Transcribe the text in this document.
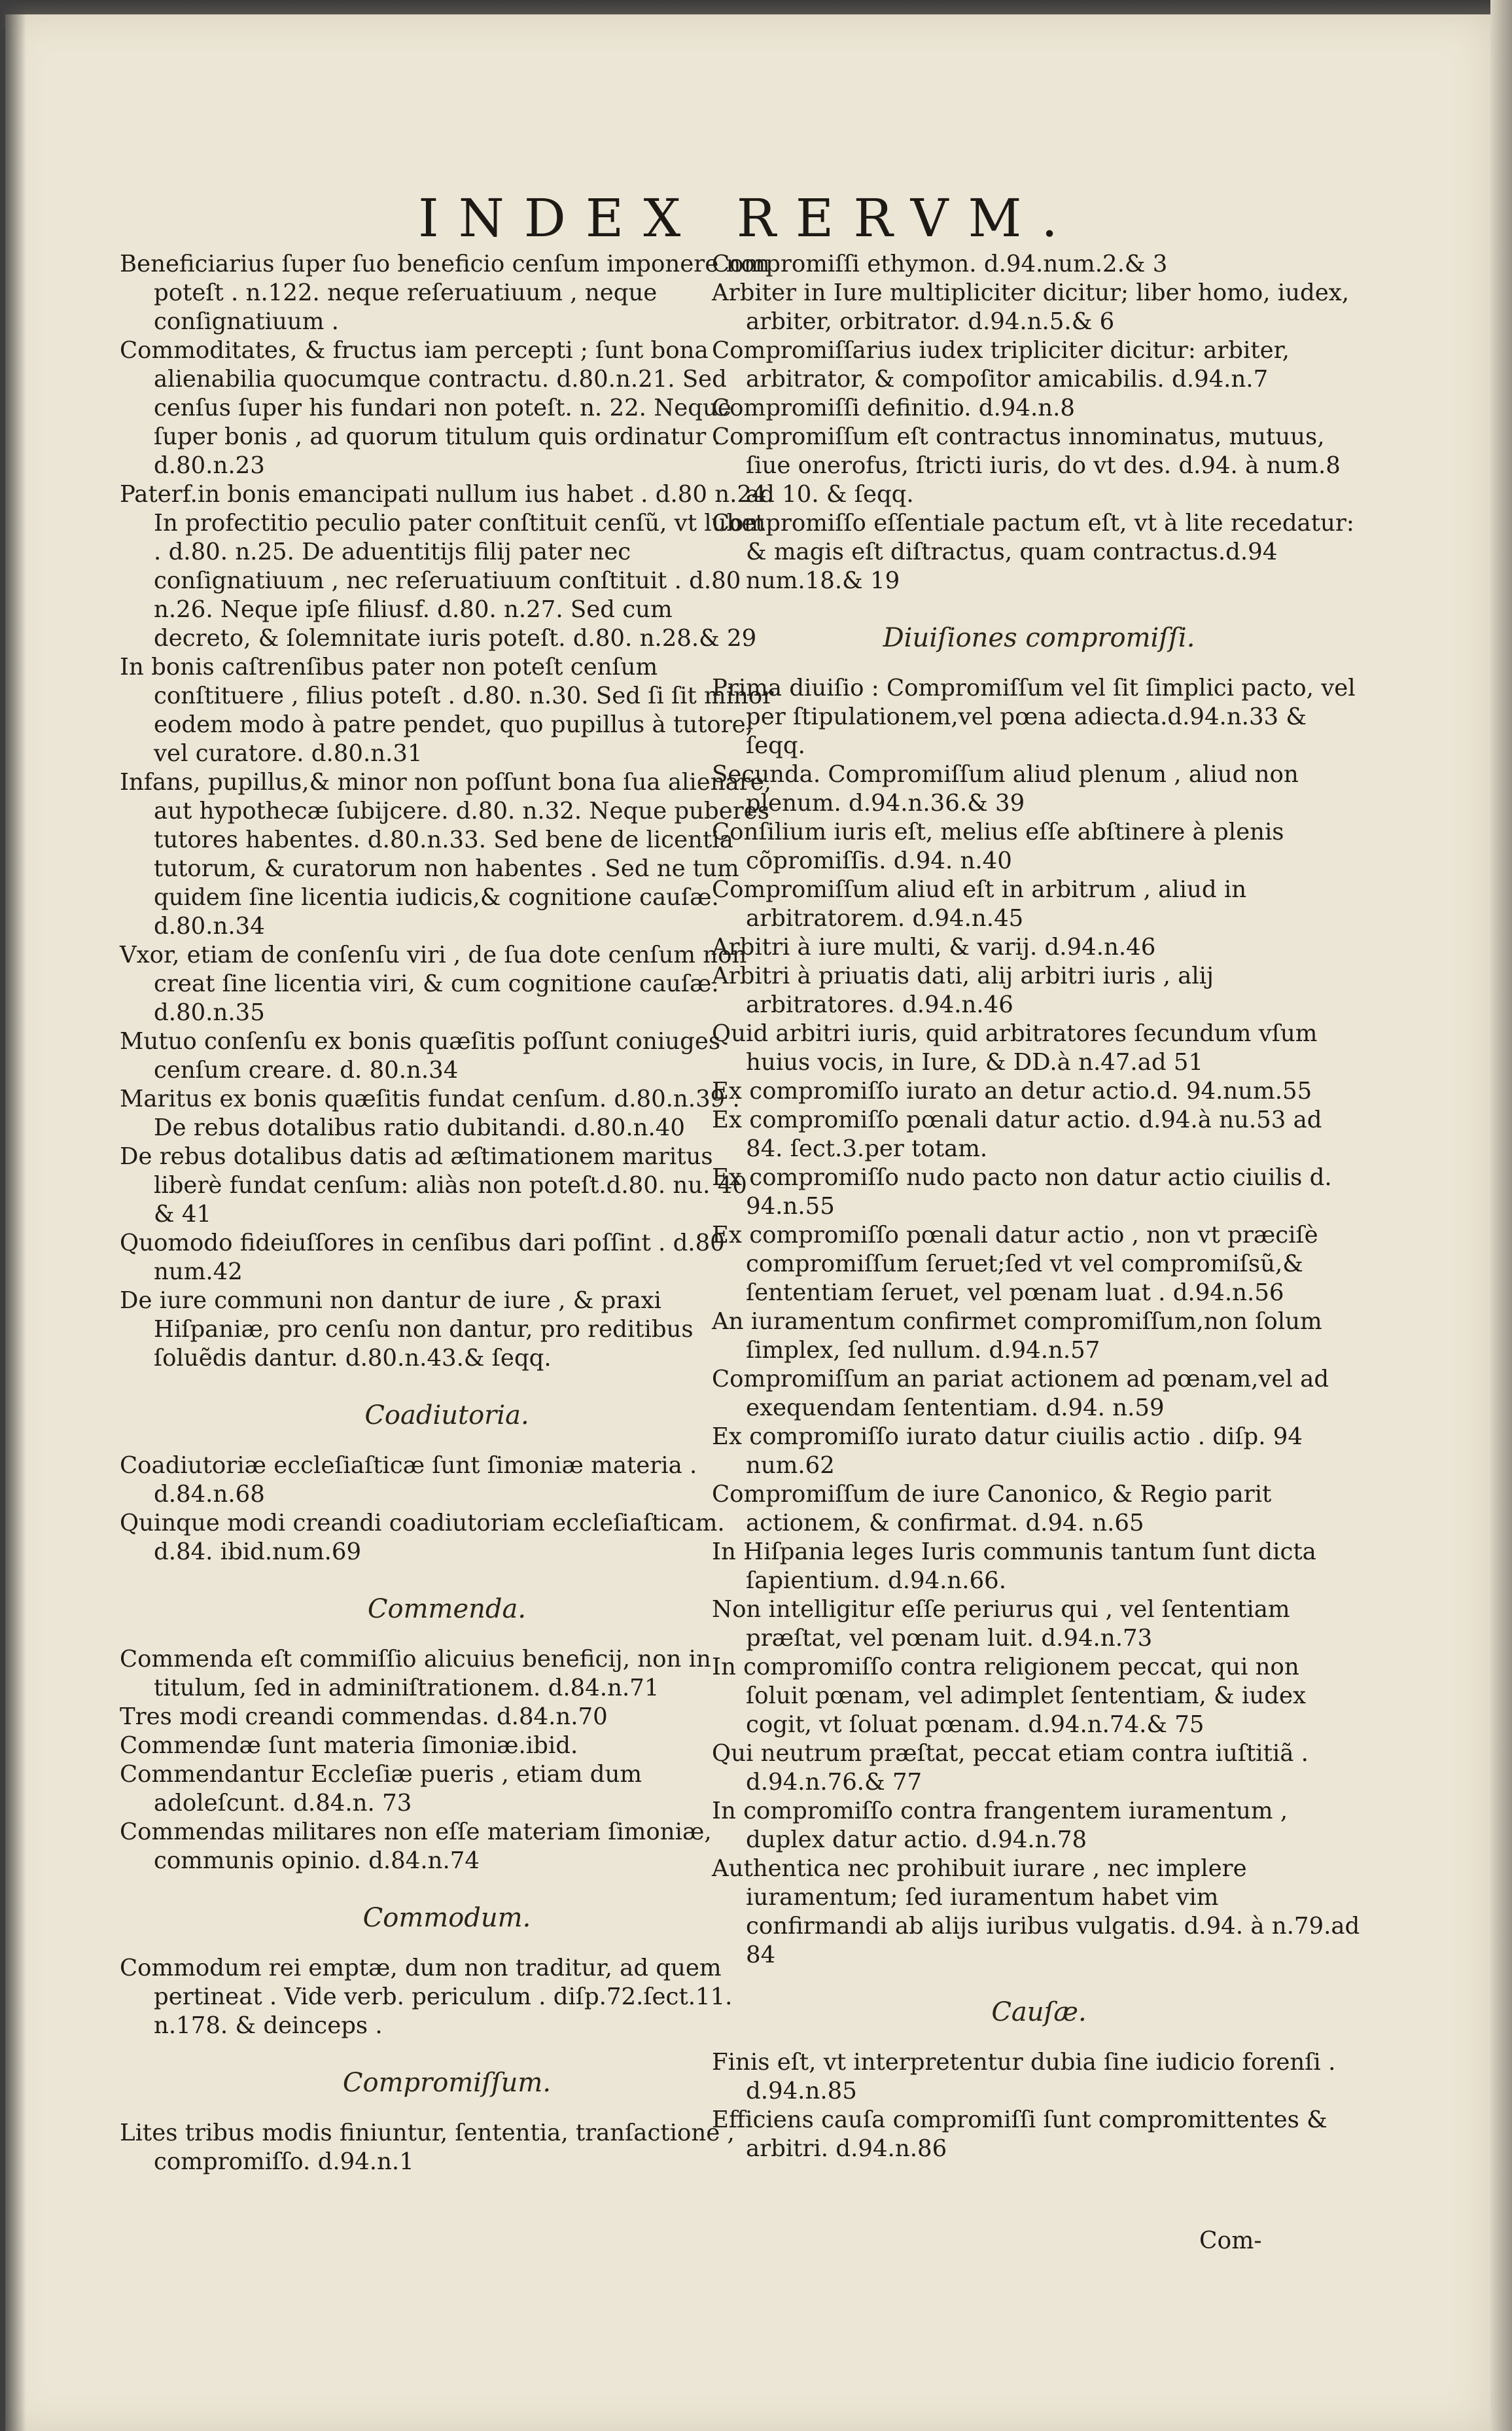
INDEX RERVM.
Beneficiarius ſuper ſuo beneficio cenſum imponere non poteſt . n.122. neque reſeruatiuum , neque conſignatiuum .
Commoditates, & fructus iam percepti ; ſunt bona alienabilia quocumque contractu. d.80.n.21. Sed cenſus ſuper his fundari non poteſt. n. 22. Neque ſuper bonis , ad quorum titulum quis ordinatur . d.80.n.23
Paterf.in bonis emancipati nullum ius habet . d.80 n.24. In profectitio peculio pater conſtituit cenſũ, vt lubet . d.80. n.25. De aduentitijs filij pater nec conſignatiuum , nec reſeruatiuum conſtituit . d.80 n.26. Neque ipſe filiusf. d.80. n.27. Sed cum decreto, & ſolemnitate iuris poteſt. d.80. n.28.& 29
In bonis caſtrenſibus pater non poteſt cenſum conſtituere , filius poteſt . d.80. n.30. Sed ſi ſit minor eodem modo à patre pendet, quo pupillus à tutore, vel curatore. d.80.n.31
Infans, pupillus,& minor non poſſunt bona ſua alienare, aut hypothecæ ſubijcere. d.80. n.32. Neque puberes tutores habentes. d.80.n.33. Sed bene de licentia tutorum, & curatorum non habentes . Sed ne tum quidem ſine licentia iudicis,& cognitione cauſæ. d.80.n.34
Vxor, etiam de conſenſu viri , de ſua dote cenſum non creat ſine licentia viri, & cum cognitione cauſæ. d.80.n.35
Mutuo conſenſu ex bonis quæſitis poſſunt coniuges cenſum creare. d. 80.n.34
Maritus ex bonis quæſitis fundat cenſum. d.80.n.39 . De rebus dotalibus ratio dubitandi. d.80.n.40
De rebus dotalibus datis ad æſtimationem maritus liberè fundat cenſum: aliàs non poteſt.d.80. nu. 40 & 41
Quomodo fideiuſſores in cenſibus dari poſſint . d.80 num.42
De iure communi non dantur de iure , & praxi Hiſpaniæ, pro cenſu non dantur, pro reditibus ſoluẽdis dantur. d.80.n.43.& ſeqq.
Coadiutoria.
Coadiutoriæ eccleſiaſticæ ſunt ſimoniæ materia . d.84.n.68
Quinque modi creandi coadiutoriam eccleſiaſticam. d.84. ibid.num.69
Commenda.
Commenda eſt commiſſio alicuius beneficij, non in titulum, ſed in adminiſtrationem. d.84.n.71
Tres modi creandi commendas. d.84.n.70
Commendæ ſunt materia ſimoniæ.ibid.
Commendantur Eccleſiæ pueris , etiam dum adoleſcunt. d.84.n. 73
Commendas militares non eſſe materiam ſimoniæ, communis opinio. d.84.n.74
Commodum.
Commodum rei emptæ, dum non traditur, ad quem pertineat . Vide verb. periculum . diſp.72.ſect.11. n.178. & deinceps .
Compromiſſum.
Lites tribus modis finiuntur, ſententia, tranſactione , compromiſſo. d.94.n.1
Compromiſſi ethymon. d.94.num.2.& 3
Arbiter in Iure multipliciter dicitur; liber homo, iudex, arbiter, orbitrator. d.94.n.5.& 6
Compromiſſarius iudex tripliciter dicitur: arbiter, arbitrator, & compoſitor amicabilis. d.94.n.7
Compromiſſi definitio. d.94.n.8
Compromiſſum eſt contractus innominatus, mutuus, ſiue onerofus, ſtricti iuris, do vt des. d.94. à num.8 ad 10. & ſeqq.
Compromiſſo eſſentiale pactum eſt, vt à lite recedatur: & magis eſt diſtractus, quam contractus.d.94 num.18.& 19
Diuiſiones compromiſſi.
Prima diuiſio : Compromiſſum vel ſit ſimplici pacto, vel per ſtipulationem,vel pœna adiecta.d.94.n.33 & ſeqq.
Secunda. Compromiſſum aliud plenum , aliud non plenum. d.94.n.36.& 39
Conſilium iuris eſt, melius eſſe abſtinere à plenis cõpromiſſis. d.94. n.40
Compromiſſum aliud eſt in arbitrum , aliud in arbitratorem. d.94.n.45
Arbitri à iure multi, & varij. d.94.n.46
Arbitri à priuatis dati, alij arbitri iuris , alij arbitratores. d.94.n.46
Quid arbitri iuris, quid arbitratores ſecundum vſum huius vocis, in Iure, & DD.à n.47.ad 51
Ex compromiſſo iurato an detur actio.d. 94.num.55
Ex compromiſſo pœnali datur actio. d.94.à nu.53 ad 84. ſect.3.per totam.
Ex compromiſſo nudo pacto non datur actio ciuilis d. 94.n.55
Ex compromiſſo pœnali datur actio , non vt præciſè compromiſſum ſeruet;ſed vt vel compromiſsũ,& ſententiam ſeruet, vel pœnam luat . d.94.n.56
An iuramentum confirmet compromiſſum,non ſolum ſimplex, ſed nullum. d.94.n.57
Compromiſſum an pariat actionem ad pœnam,vel ad exequendam ſententiam. d.94. n.59
Ex compromiſſo iurato datur ciuilis actio . diſp. 94 num.62
Compromiſſum de iure Canonico, & Regio parit actionem, & confirmat. d.94. n.65
In Hiſpania leges Iuris communis tantum ſunt dicta ſapientium. d.94.n.66.
Non intelligitur eſſe periurus qui , vel ſententiam præſtat, vel pœnam luit. d.94.n.73
In compromiſſo contra religionem peccat, qui non ſoluit pœnam, vel adimplet ſententiam, & iudex cogit, vt ſoluat pœnam. d.94.n.74.& 75
Qui neutrum præſtat, peccat etiam contra iuſtitiã . d.94.n.76.& 77
In compromiſſo contra frangentem iuramentum , duplex datur actio. d.94.n.78
Authentica nec prohibuit iurare , nec implere iuramentum; ſed iuramentum habet vim confirmandi ab alijs iuribus vulgatis. d.94. à n.79.ad 84
Cauſæ.
Finis eſt, vt interpretentur dubia ſine iudicio forenſi . d.94.n.85
Efficiens cauſa compromiſſi ſunt compromittentes & arbitri. d.94.n.86
Com-
